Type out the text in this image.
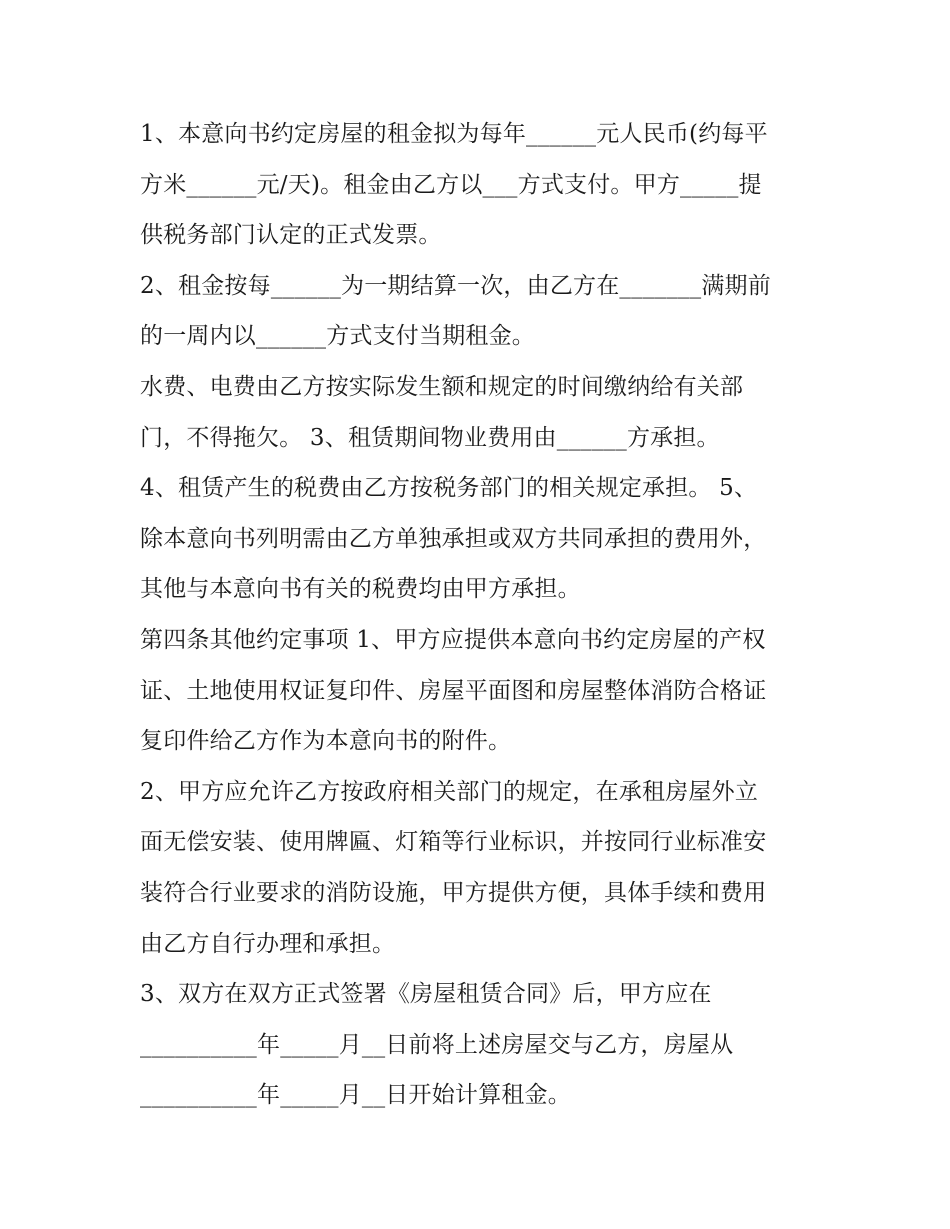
1、本意向书约定房屋的租金拟为每年______元人民币(约每平
方米______元/天)。租金由乙方以___方式支付。甲方_____提
供税务部门认定的正式发票。
2、租金按每______为一期结算一次，由乙方在_______满期前
的一周内以______方式支付当期租金。
水费、电费由乙方按实际发生额和规定的时间缴纳给有关部
门，不得拖欠。 3、租赁期间物业费用由______方承担。
4、租赁产生的税费由乙方按税务部门的相关规定承担。 5、
除本意向书列明需由乙方单独承担或双方共同承担的费用外，
其他与本意向书有关的税费均由甲方承担。
第四条其他约定事项 1、甲方应提供本意向书约定房屋的产权
证、土地使用权证复印件、房屋平面图和房屋整体消防合格证
复印件给乙方作为本意向书的附件。
2、甲方应允许乙方按政府相关部门的规定，在承租房屋外立
面无偿安装、使用牌匾、灯箱等行业标识，并按同行业标准安
装符合行业要求的消防设施，甲方提供方便，具体手续和费用
由乙方自行办理和承担。
3、双方在双方正式签署《房屋租赁合同》后，甲方应在
__________年_____月__日前将上述房屋交与乙方，房屋从
__________年_____月__日开始计算租金。
